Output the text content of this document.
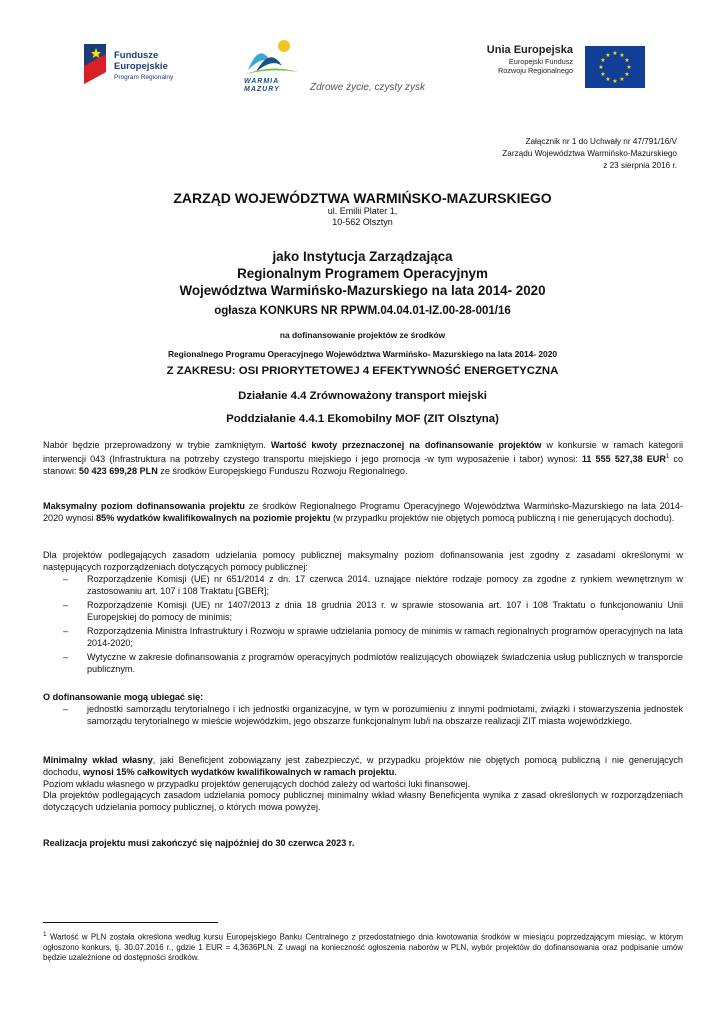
Fundusze
Europejskie
Program Regionalny
WARMIA
MAZURY	Zdrowe życie, czysty zysk
Unia Europejska
Europejski Fundusz
Rozwoju Regionalnego
★ ★
★
★
★
★
★
★
★
★
★
★
Załącznik nr 1 do Uchwały nr 47/791/16/V
Zarządu Województwa Warmińsko-Mazurskiego
z 23 sierpnia 2016 r.
ZARZĄD WOJEWÓDZTWA WARMIŃSKO-MAZURSKIEGO
ul. Emilii Plater 1,
10-562 Olsztyn
jako Instytucja Zarządzająca
Regionalnym Programem Operacyjnym
Województwa Warmińsko-Mazurskiego na lata 2014- 2020
ogłasza KONKURS NR RPWM.04.04.01-IZ.00-28-001/16
na dofinansowanie projektów ze środków
Regionalnego Programu Operacyjnego Województwa Warmińsko- Mazurskiego na lata 2014- 2020
Z ZAKRESU: OSI PRIORYTETOWEJ 4 EFEKTYWNOŚĆ ENERGETYCZNA
Działanie 4.4 Zrównoważony transport miejski
Poddziałanie 4.4.1 Ekomobilny MOF (ZIT Olsztyna)
Nabór będzie przeprowadzony w trybie zamkniętym. Wartość kwoty przeznaczonej na dofinansowanie projektów w konkursie w ramach kategorii interwencji 043 (Infrastruktura na potrzeby czystego transportu miejskiego i jego promocja -w tym wyposażenie i tabor) wynosi: 11 555 527,38 EUR$^1$ co stanowi: 50 423 699,28 PLN ze środków Europejskiego Funduszu Rozwoju Regionalnego.
Maksymalny poziom dofinansowania projektu ze środków Regionalnego Programu Operacyjnego Województwa Warmińsko-Mazurskiego na lata 2014-2020 wynosi 85% wydatków kwalifikowalnych na poziomie projektu (w przypadku projektów nie objętych pomocą publiczną i nie generujących dochodu).
Dla projektów podlegających zasadom udzielania pomocy publicznej maksymalny poziom dofinansowania jest zgodny z zasadami określonymi w następujących rozporządzeniach dotyczących pomocy publicznej:
– Rozporządzenie Komisji (UE) nr 651/2014 z dn. 17 czerwca 2014. uznające niektóre rodzaje pomocy za zgodne z rynkiem wewnętrznym w zastosowaniu art. 107 i 108 Traktatu [GBER];
– Rozporządzenie Komisji (UE) nr 1407/2013 z dnia 18 grudnia 2013 r. w sprawie stosowania art. 107 i 108 Traktatu o funkcjonowaniu Unii Europejskiej do pomocy de minimis;
– Rozporządzenia Ministra Infrastruktury i Rozwoju w sprawie udzielania pomocy de minimis w ramach regionalnych programów operacyjnych na lata 2014-2020;
– Wytyczne w zakresie dofinansowania z programów operacyjnych podmiotów realizujących obowiązek świadczenia usług publicznych w transporcie publicznym.
O dofinansowanie mogą ubiegać się:
– jednostki samorządu terytorialnego i ich jednostki organizacyjne, w tym w porozumieniu z innymi podmiotami, związki i stowarzyszenia jednostek samorządu terytorialnego w mieście wojewódzkim, jego obszarze funkcjonalnym lub/i na obszarze realizacji ZIT miasta wojewódzkiego.
Minimalny wkład własny, jaki Beneficjent zobowiązany jest zabezpieczyć, w przypadku projektów nie objętych pomocą publiczną i nie generujących dochodu, wynosi 15% całkowitych wydatków kwalifikowalnych w ramach projektu.
Poziom wkładu własnego w przypadku projektów generujących dochód zależy od wartości luki finansowej.
Dla projektów podlegających zasadom udzielania pomocy publicznej minimalny wkład własny Beneficjenta wynika z zasad określonych w rozporządzeniach dotyczących udzielania pomocy publicznej, o których mowa powyżej.
Realizacja projektu musi zakończyć się najpóźniej do 30 czerwca 2023 r.
$^1$ Wartość w PLN została określona według kursu Europejskiego Banku Centralnego z przedostatniego dnia kwotowania środków w miesiącu poprzedzającym miesiąc, w którym ogłoszono konkurs, tj. 30.07.2016 r., gdzie 1 EUR = 4,3636PLN. Z uwagi na konieczność ogłoszenia naborów w PLN, wybór projektów do dofinansowania oraz podpisanie umów będzie uzależnione od dostępności środków.
